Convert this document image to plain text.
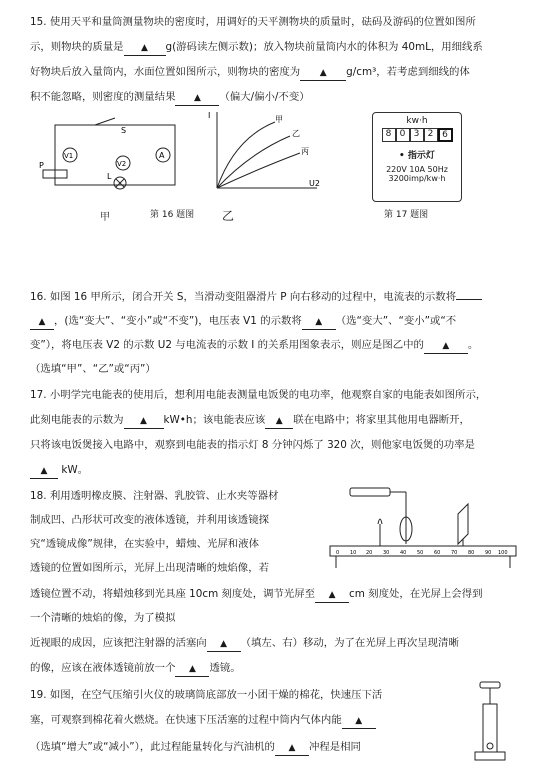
15. 使用天平和量筒测量物块的密度时，用调好的天平测物块的质量时，砝码及游码的位置如图所
示，则物块的质量是 ▲ g(游码读左侧示数)；放入物块前量筒内水的体积为 40mL，用细线系
好物块后放入量筒内，水面位置如图所示，则物块的密度为 ▲ g/cm³，若考虑到细线的体
积不能忽略，则密度的测量结果 ▲ （偏大/偏小/不变）
S
P
V1
V2
L
A
I	甲
乙
丙
U2
kw·h
8 0 3 2 6
• 指示灯
220V 10A 50Hz
3200imp/kw·h
甲	第 16 题图 乙	第 17 题图
16. 如图 16 甲所示，闭合开关 S，当滑动变阻器滑片 P 向右移动的过程中，电流表的示数将
▲ ，(选“变大”、“变小”或“不变”)，电压表 V1 的示数将 ▲ （选“变大”、“变小”或“不
变”），将电压表 V2 的示数 U2 与电流表的示数 I 的关系用图象表示，则应是图乙中的 ▲ 。
（选填“甲”、“乙”或“丙”）
17. 小明学完电能表的使用后，想利用电能表测量电饭煲的电功率，他观察自家的电能表如图所示，
此刻电能表的示数为 ▲ kW•h；该电能表应该 ▲ 联在电路中；将家里其他用电器断开，
只将该电饭煲接入电路中，观察到电能表的指示灯 8 分钟闪烁了 320 次，则他家电饭煲的功率是
▲ kW。
18. 利用透明橡皮膜、注射器、乳胶管、止水夹等器材
制成凹、凸形状可改变的液体透镜，并利用该透镜探
究“透镜成像”规律，在实验中，蜡烛、光屏和液体
透镜的位置如图所示，光屏上出现清晰的烛焰像，若
0 10 20 30 40 50 60 70 80 90 100
透镜位置不动，将蜡烛移到光具座 10cm 刻度处，调节光屏至 ▲ cm 刻度处，在光屏上会得到
一个清晰的烛焰的像，为了模拟
近视眼的成因，应该把注射器的活塞向 ▲ （填左、右）移动，为了在光屏上再次呈现清晰
的像，应该在液体透镜前放一个 ▲ 透镜。
19. 如图，在空气压缩引火仪的玻璃筒底部放一小团干燥的棉花，快速压下活
塞，可观察到棉花着火燃烧。在快速下压活塞的过程中筒内气体内能 ▲
（选填“增大”或“减小”），此过程能量转化与汽油机的 ▲ 冲程是相同
